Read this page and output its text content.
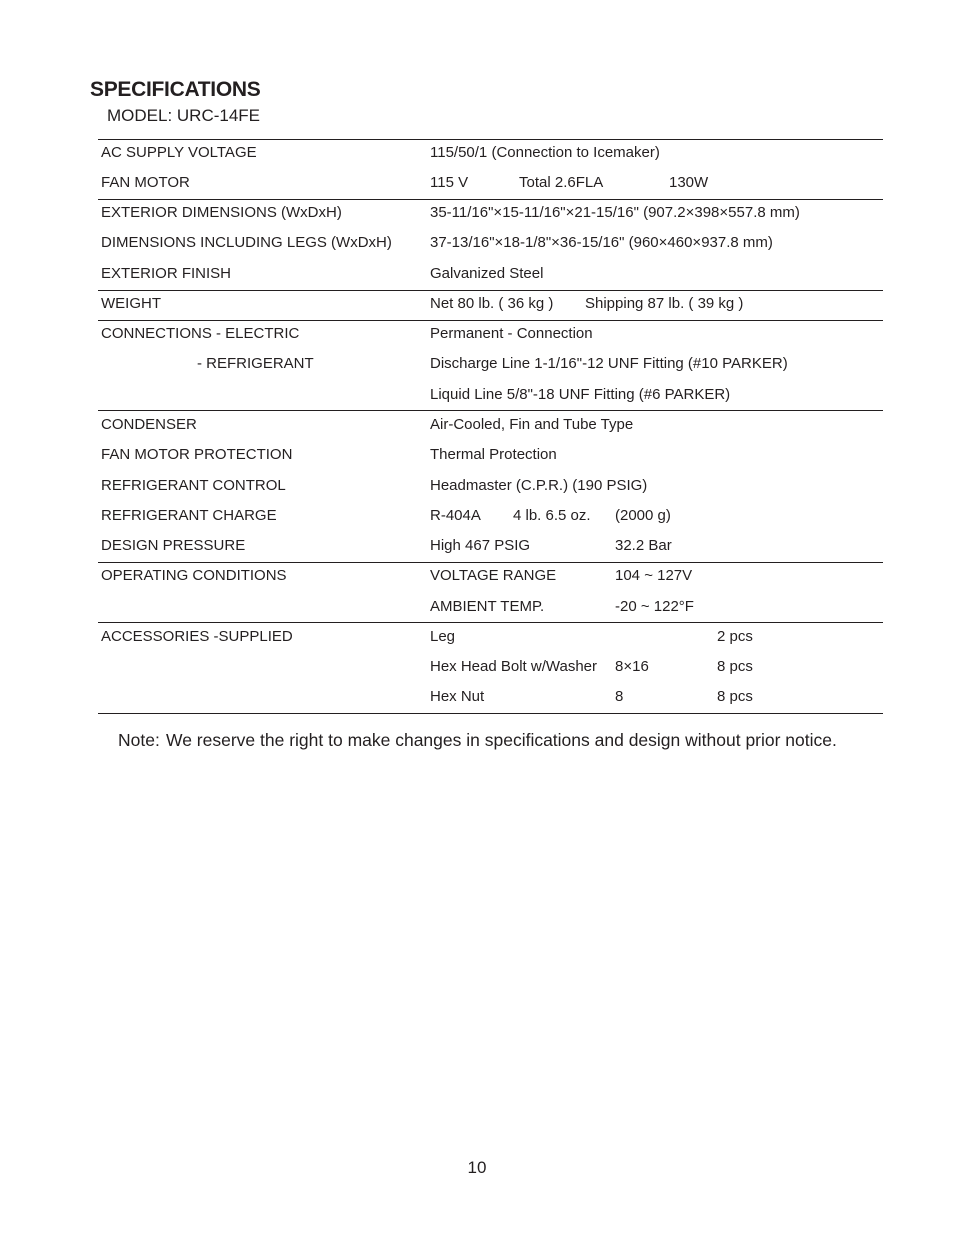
SPECIFICATIONS
MODEL: URC-14FE
AC SUPPLY VOLTAGE	115/50/1 (Connection to Icemaker)
FAN MOTOR	115 V	Total 2.6FLA	130W
EXTERIOR DIMENSIONS (WxDxH)	35-11/16"×15-11/16"×21-15/16" (907.2×398×557.8 mm)
DIMENSIONS INCLUDING LEGS (WxDxH)	37-13/16"×18-1/8"×36-15/16" (960×460×937.8 mm)
EXTERIOR FINISH	Galvanized Steel
WEIGHT	Net 80 lb. ( 36 kg ) Shipping 87 lb. ( 39 kg )
CONNECTIONS - ELECTRIC	Permanent - Connection
- REFRIGERANT	Discharge Line 1-1/16"-12 UNF Fitting (#10 PARKER)
Liquid Line 5/8"-18 UNF Fitting (#6 PARKER)
CONDENSER	Air-Cooled, Fin and Tube Type
FAN MOTOR PROTECTION	Thermal Protection
REFRIGERANT CONTROL	Headmaster (C.P.R.) (190 PSIG)
REFRIGERANT CHARGE	R-404A 4 lb. 6.5 oz. (2000 g)
DESIGN PRESSURE	High 467 PSIG	32.2 Bar
OPERATING CONDITIONS	VOLTAGE RANGE	104 ~ 127V
AMBIENT TEMP.	-20 ~ 122°F
ACCESSORIES -SUPPLIED	Leg	2 pcs
Hex Head Bolt w/Washer 8×16	8 pcs
Hex Nut	8	8 pcs
Note: We reserve the right to make changes in specifications and design without prior notice.
10
